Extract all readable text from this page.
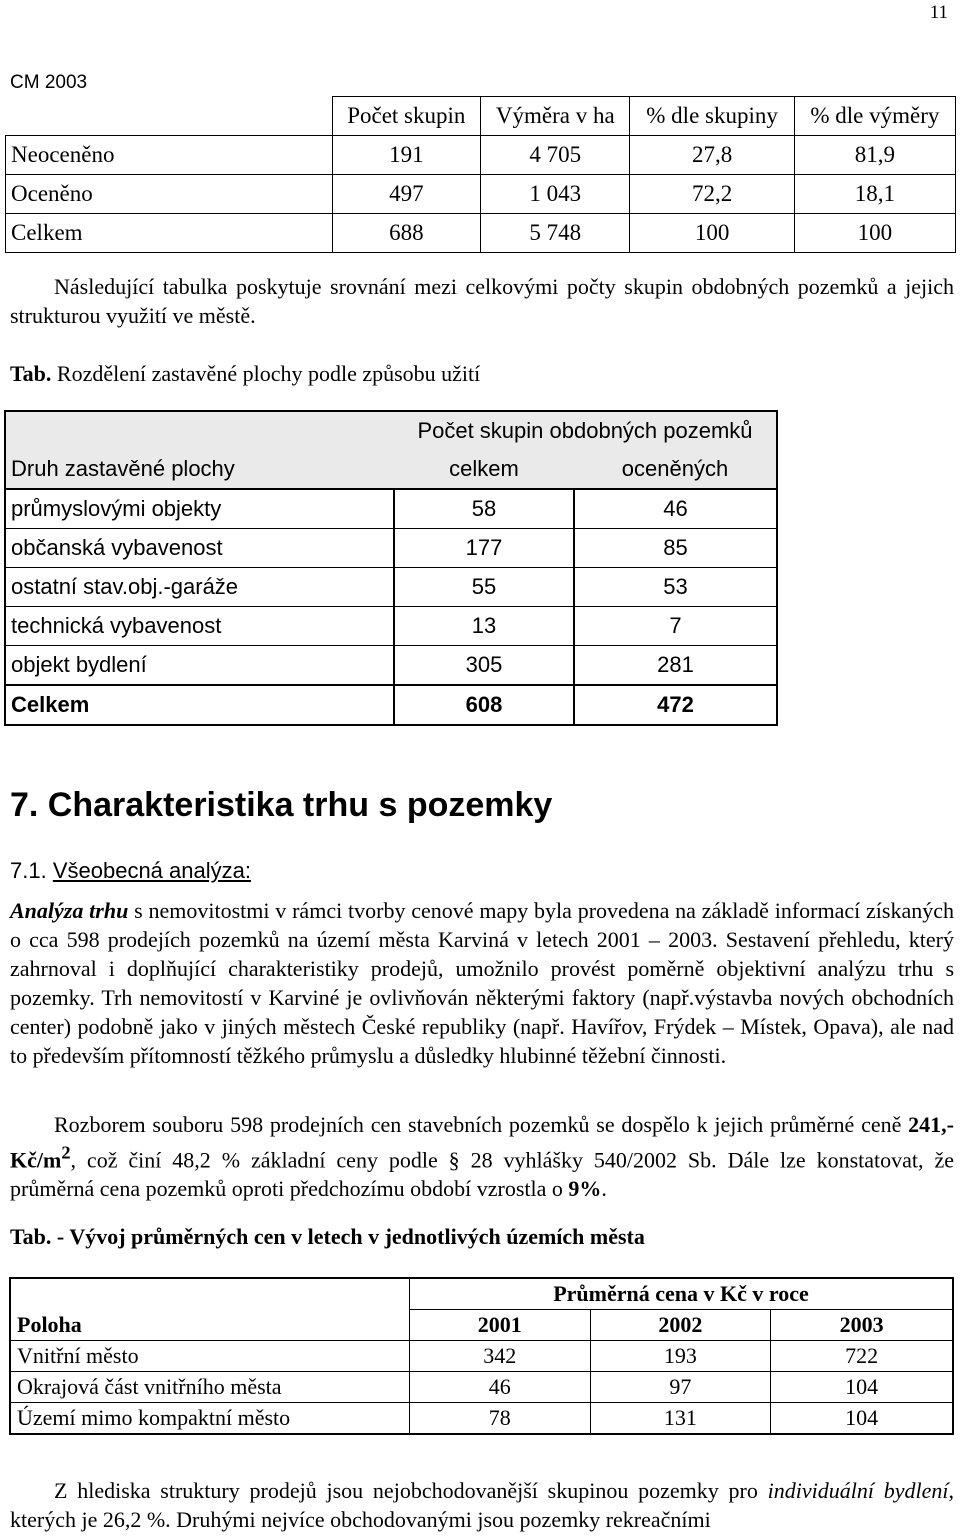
11
CM 2003
	Počet skupin	Výměra v ha	% dle skupiny	% dle výměry
Neoceněno	191	4 705	27,8	81,9
Oceněno	497	1 043	72,2	18,1
Celkem	688	5 748	100	100
Následující tabulka poskytuje srovnání mezi celkovými počty skupin obdobných pozemků a jejich strukturou využití ve městě.
Tab. Rozdělení zastavěné plochy podle způsobu užití
	Počet skupin obdobných pozemků	
Druh zastavěné plochy	celkem	oceněných
průmyslovými objekty	58	46
občanská vybavenost	177	85
ostatní stav.obj.-garáže	55	53
technická vybavenost	13	7
objekt bydlení	305	281
Celkem	608	472
7. Charakteristika trhu s pozemky
7.1. Všeobecná analýza:
Analýza trhu s nemovitostmi v rámci tvorby cenové mapy byla provedena na základě informací získaných o cca 598 prodejích pozemků na území města Karviná v letech 2001 – 2003. Sestavení přehledu, který zahrnoval i doplňující charakteristiky prodejů, umožnilo provést poměrně objektivní analýzu trhu s pozemky. Trh nemovitostí v Karviné je ovlivňován některými faktory (např.výstavba nových obchodních center) podobně jako v jiných městech České republiky (např. Havířov, Frýdek – Místek, Opava), ale nad to především přítomností těžkého průmyslu a důsledky hlubinné těžební činnosti.
Rozborem souboru 598 prodejních cen stavebních pozemků se dospělo k jejich průměrné ceně 241,- $Kč/m^2$, což činí 48,2 % základní ceny podle § 28 vyhlášky 540/2002 Sb. Dále lze konstatovat, že průměrná cena pozemků oproti předchozímu období vzrostla o 9%.
Tab. - Vývoj průměrných cen v letech v jednotlivých územích města
	Průměrná cena v Kč v roce		
Poloha	2001	2002	2003
Vnitřní město	342	193	722
Okrajová část vnitřního města	46	97	104
Území mimo kompaktní město	78	131	104
Z hlediska struktury prodejů jsou nejobchodovanější skupinou pozemky pro individuální bydlení, kterých je 26,2 %. Druhými nejvíce obchodovanými jsou pozemky rekreačními
